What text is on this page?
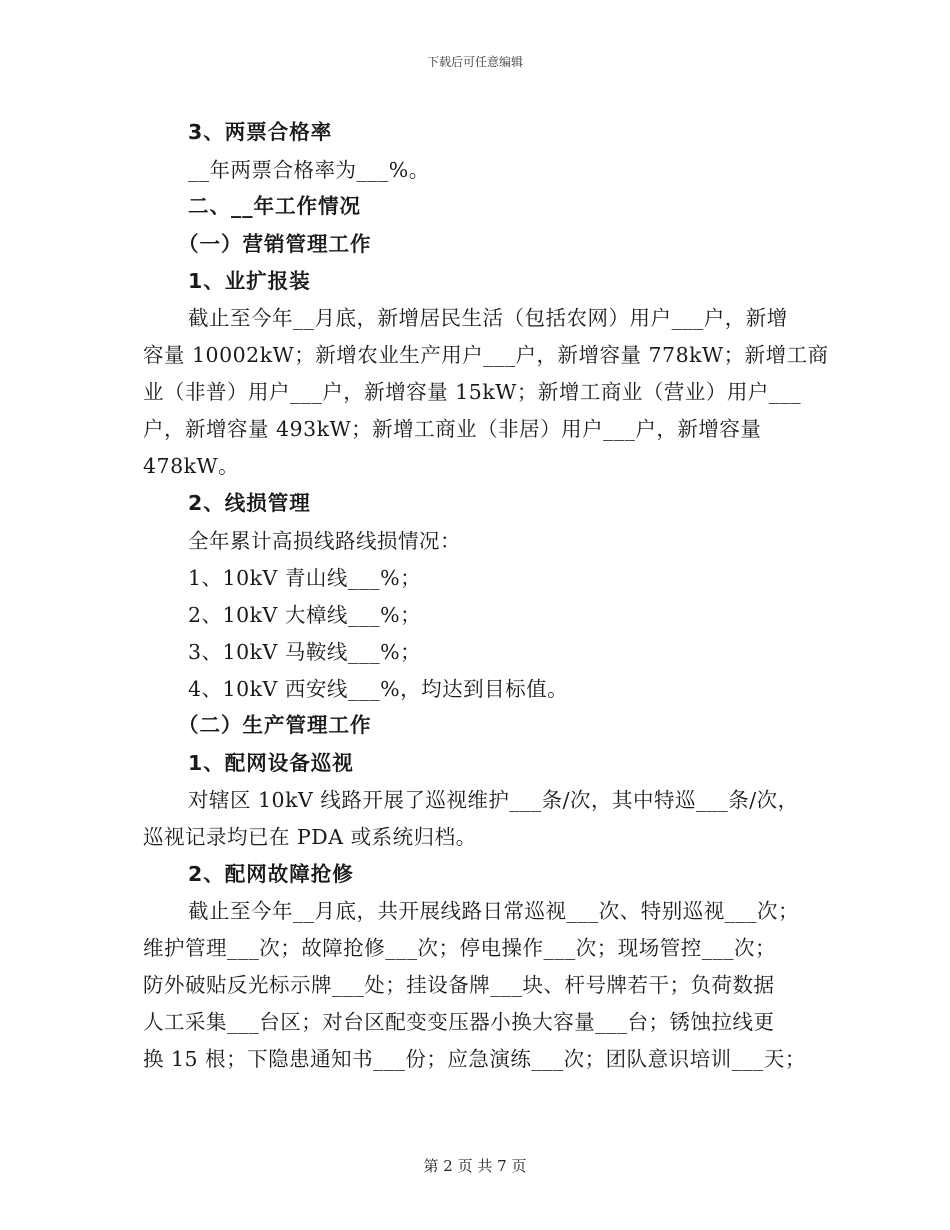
下载后可任意编辑
3、两票合格率
__年两票合格率为___%。
二、__年工作情况
（一）营销管理工作
1、业扩报装
截止至今年__月底，新增居民生活（包括农网）用户___户，新增
容量 10002kW；新增农业生产用户___户，新增容量 778kW；新增工商
业（非普）用户___户，新增容量 15kW；新增工商业（营业）用户___
户，新增容量 493kW；新增工商业（非居）用户___户，新增容量
478kW。
2、线损管理
全年累计高损线路线损情况：
1、10kV 青山线___%；
2、10kV 大樟线___%；
3、10kV 马鞍线___%；
4、10kV 西安线___%，均达到目标值。
（二）生产管理工作
1、配网设备巡视
对辖区 10kV 线路开展了巡视维护___条/次，其中特巡___条/次，
巡视记录均已在 PDA 或系统归档。
2、配网故障抢修
截止至今年__月底，共开展线路日常巡视___次、特别巡视___次；
维护管理___次；故障抢修___次；停电操作___次；现场管控___次；
防外破贴反光标示牌___处；挂设备牌___块、杆号牌若干；负荷数据
人工采集___台区；对台区配变变压器小换大容量___台；锈蚀拉线更
换 15 根；下隐患通知书___份；应急演练___次；团队意识培训___天；
第 2 页 共 7 页
